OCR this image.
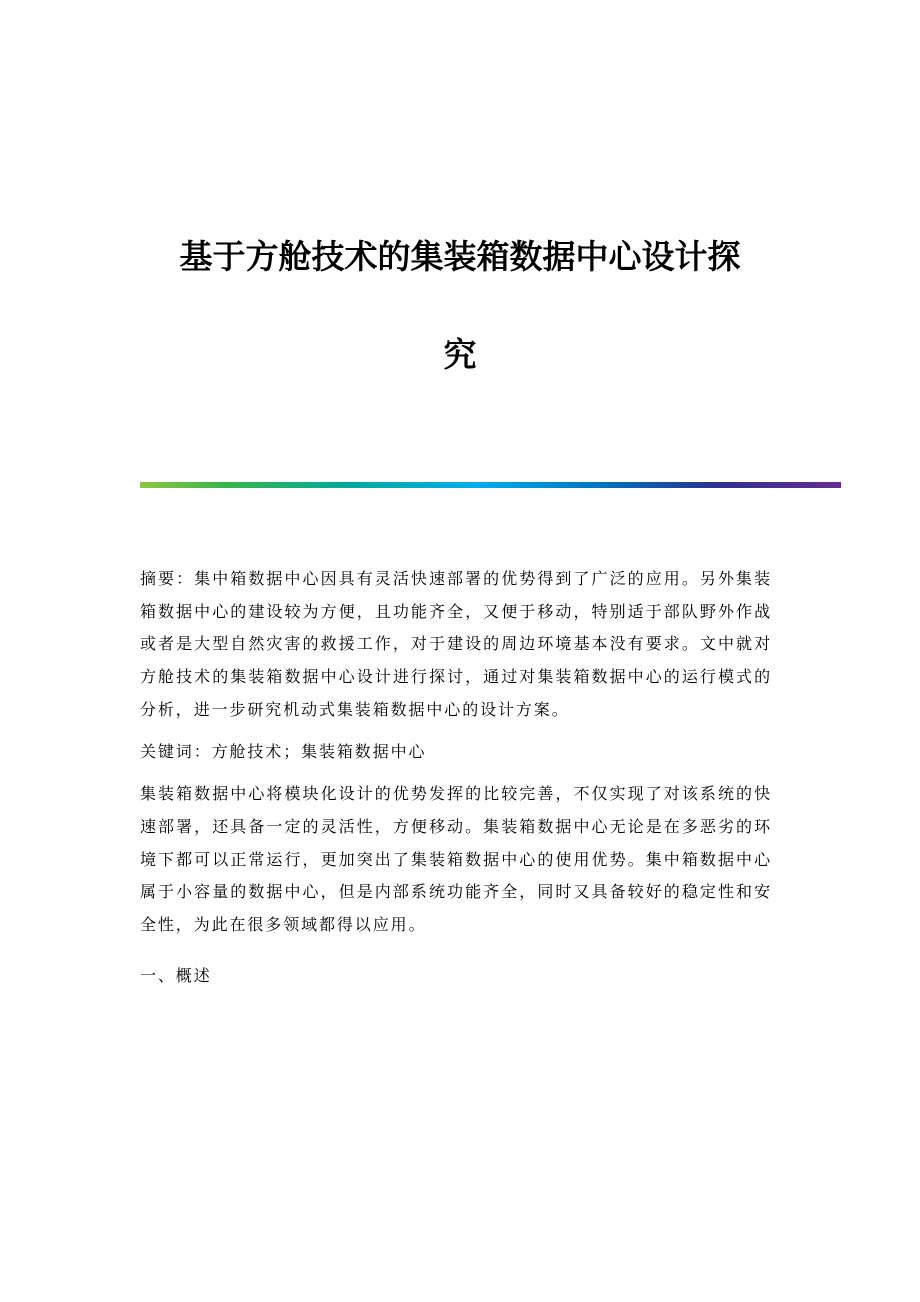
基于方舱技术的集装箱数据中心设计探
究

摘要：集中箱数据中心因具有灵活快速部署的优势得到了广泛的应用。另外集装箱数据中心的建设较为方便，且功能齐全，又便于移动，特别适于部队野外作战或者是大型自然灾害的救援工作，对于建设的周边环境基本没有要求。文中就对方舱技术的集装箱数据中心设计进行探讨，通过对集装箱数据中心的运行模式的分析，进一步研究机动式集装箱数据中心的设计方案。

关键词：方舱技术；集装箱数据中心

集装箱数据中心将模块化设计的优势发挥的比较完善，不仅实现了对该系统的快速部署，还具备一定的灵活性，方便移动。集装箱数据中心无论是在多恶劣的环境下都可以正常运行，更加突出了集装箱数据中心的使用优势。集中箱数据中心属于小容量的数据中心，但是内部系统功能齐全，同时又具备较好的稳定性和安全性，为此在很多领域都得以应用。

一、概述
